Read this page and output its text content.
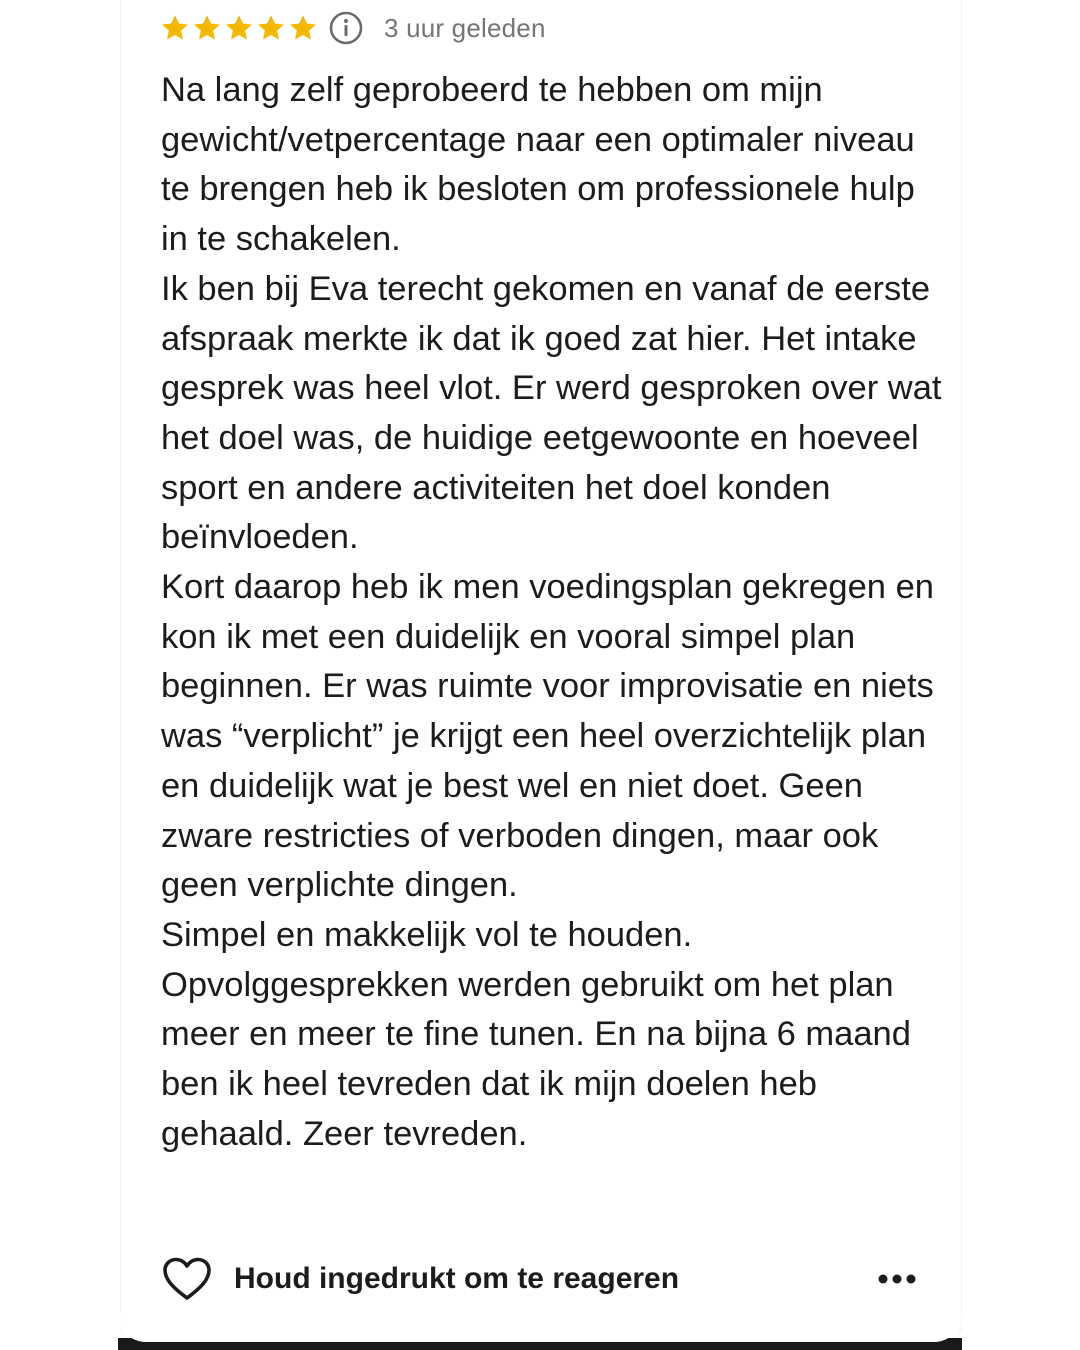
3 uur geleden

Na lang zelf geprobeerd te hebben om mijn gewicht/vetpercentage naar een optimaler niveau te brengen heb ik besloten om professionele hulp in te schakelen.

Ik ben bij Eva terecht gekomen en vanaf de eerste afspraak merkte ik dat ik goed zat hier. Het intake gesprek was heel vlot. Er werd gesproken over wat het doel was, de huidige eetgewoonte en hoeveel sport en andere activiteiten het doel konden beïnvloeden.

Kort daarop heb ik men voedingsplan gekregen en kon ik met een duidelijk en vooral simpel plan beginnen. Er was ruimte voor improvisatie en niets was “verplicht” je krijgt een heel overzichtelijk plan en duidelijk wat je best wel en niet doet. Geen zware restricties of verboden dingen, maar ook geen verplichte dingen.

Simpel en makkelijk vol te houden.

Opvolggesprekken werden gebruikt om het plan meer en meer te fine tunen. En na bijna 6 maand ben ik heel tevreden dat ik mijn doelen heb gehaald. Zeer tevreden.

Houd ingedrukt om te reageren
